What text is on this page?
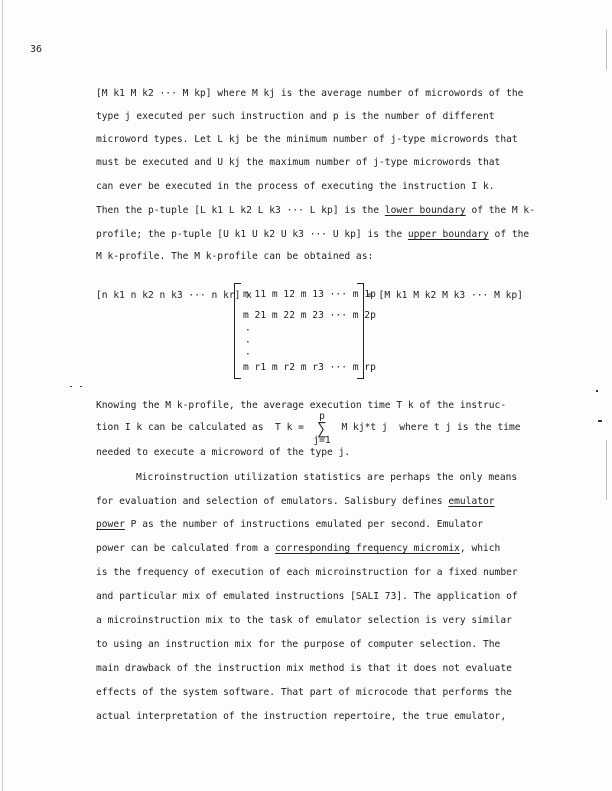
36
[M k1 M k2 ··· M kp] where M kj is the average number of microwords of the
type j executed per such instruction and p is the number of different
microword types. Let L kj be the minimum number of j-type microwords that
must be executed and U kj the maximum number of j-type microwords that
can ever be executed in the process of executing the instruction I k.
Then the p-tuple [L k1 L k2 L k3 ··· L kp] is the lower boundary of the M k-
profile; the p-tuple [U k1 U k2 U k3 ··· U kp] is the upper boundary of the
M k-profile. The M k-profile can be obtained as:
[n k1 n k2 n k3 ··· n kr] x
m 11 m 12 m 13 ··· m 1p
m 21 m 22 m 23 ··· m 2p
·
·
·
m r1 m r2 m r3 ··· m rp
= [M k1 M k2 M k3 ··· M kp]
Knowing the M k-profile, the average execution time T k of the instruc-
tion I k can be calculated as  T k =	M kj*t j  where t j is the time
p
∑
j=1
needed to execute a microword of the type j.
Microinstruction utilization statistics are perhaps the only means
for evaluation and selection of emulators. Salisbury defines emulator
power P as the number of instructions emulated per second. Emulator
power can be calculated from a corresponding frequency micromix, which
is the frequency of execution of each microinstruction for a fixed number
and particular mix of emulated instructions [SALI 73]. The application of
a microinstruction mix to the task of emulator selection is very similar
to using an instruction mix for the purpose of computer selection. The
main drawback of the instruction mix method is that it does not evaluate
effects of the system software. That part of microcode that performs the
actual interpretation of the instruction repertoire, the true emulator,
